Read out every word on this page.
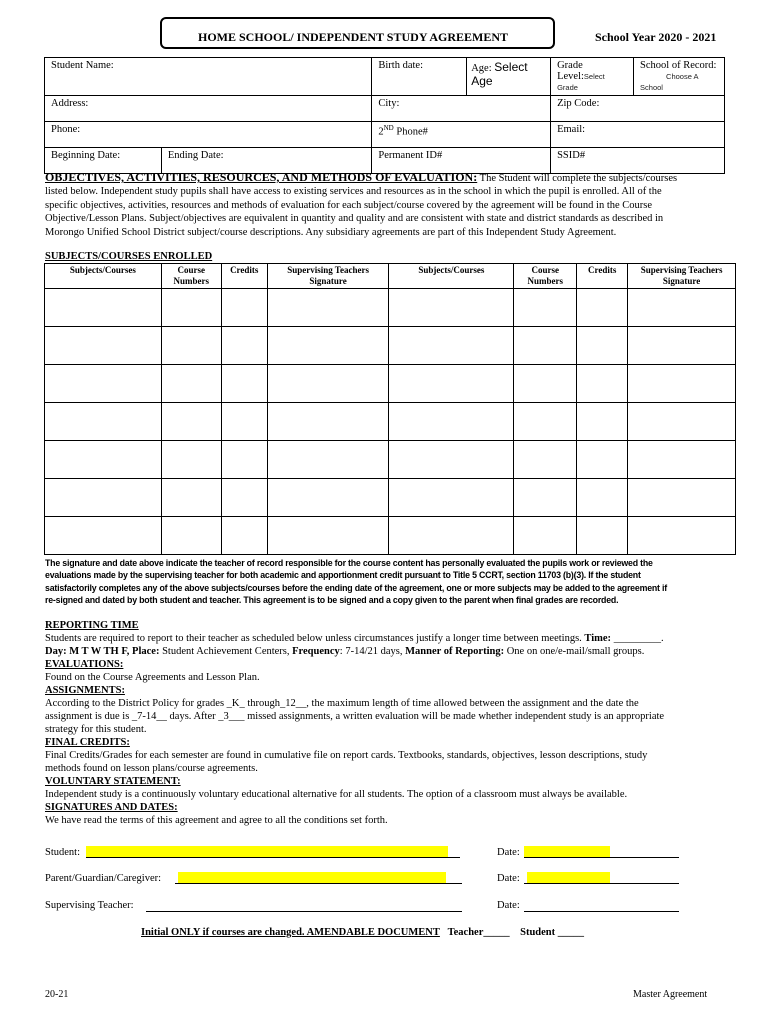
HOME SCHOOL/ INDEPENDENT STUDY AGREEMENT	School Year 2020 - 2021
Student Name:		Birth date:	Age: Select Age	Grade Level:Select Grade	School of Record:
Choose A School
Address:		City:		Zip Code:	
Phone:		2ND Phone#		Email:	
Beginning Date:	Ending Date:	Permanent ID#		SSID#	
OBJECTIVES, ACTIVITIES, RESOURCES, AND METHODS OF EVALUATION: The Student will complete the subjects/courses
listed below. Independent study pupils shall have access to existing services and resources as in the school in which the pupil is enrolled. All of the
specific objectives, activities, resources and methods of evaluation for each subject/course covered by the agreement will be found in the Course
Objective/Lesson Plans. Subject/objectives are equivalent in quantity and quality and are consistent with state and district standards as described in
Morongo Unified School District subject/course descriptions. Any subsidiary agreements are part of this Independent Study Agreement.
SUBJECTS/COURSES ENROLLED
Subjects/Courses	Course Numbers	Credits	Supervising Teachers Signature	Subjects/Courses	Course Numbers	Credits	Supervising Teachers Signature

The signature and date above indicate the teacher of record responsible for the course content has personally evaluated the pupils work or reviewed the
evaluations made by the supervising teacher for both academic and apportionment credit pursuant to Title 5 CCRT, section 11703 (b)(3). If the student
satisfactorily completes any of the above subjects/courses before the ending date of the agreement, one or more subjects may be added to the agreement if
re-signed and dated by both student and teacher. This agreement is to be signed and a copy given to the parent when final grades are recorded.
REPORTING TIME
Students are required to report to their teacher as scheduled below unless circumstances justify a longer time between meetings. Time: _________.
Day: M T W TH F, Place: Student Achievement Centers, Frequency: 7-14/21 days, Manner of Reporting: One on one/e-mail/small groups.
EVALUATIONS:
Found on the Course Agreements and Lesson Plan.
ASSIGNMENTS:
According to the District Policy for grades _K_ through_12__, the maximum length of time allowed between the assignment and the date the
assignment is due is _7-14__ days. After _3___ missed assignments, a written evaluation will be made whether independent study is an appropriate
strategy for this student.
FINAL CREDITS:
Final Credits/Grades for each semester are found in cumulative file on report cards. Textbooks, standards, objectives, lesson descriptions, study
methods found on lesson plans/course agreements.
VOLUNTARY STATEMENT:
Independent study is a continuously voluntary educational alternative for all students. The option of a classroom must always be available.
SIGNATURES AND DATES:
We have read the terms of this agreement and agree to all the conditions set forth.
Student:	Date:
Parent/Guardian/Caregiver:	Date:
Supervising Teacher:	Date:
Initial ONLY if courses are changed. AMENDABLE DOCUMENT Teacher_____ Student _____
20-21	Master Agreement
